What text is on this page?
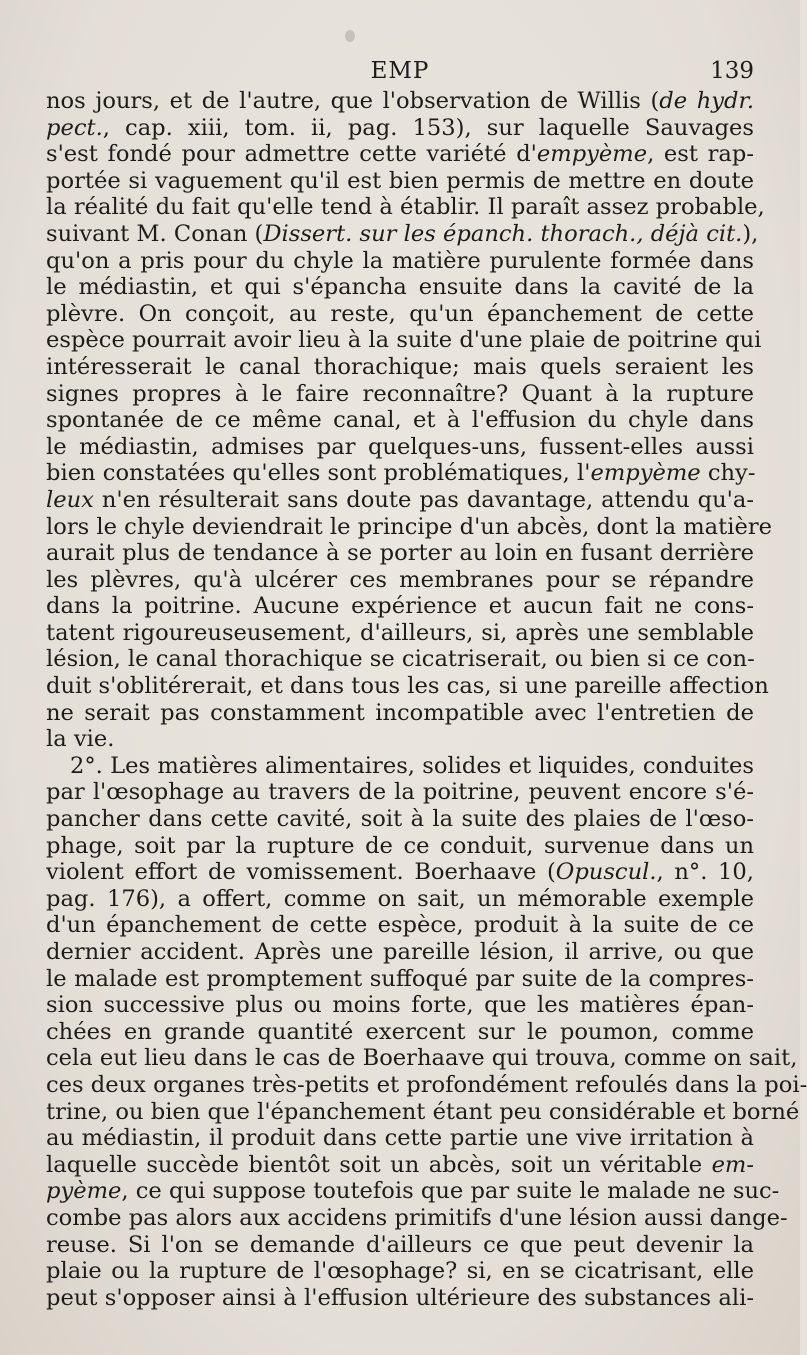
EMP	139
nos jours, et de l'autre, que l'observation de Willis (de hydr.
pect., cap. xiii, tom. ii, pag. 153), sur laquelle Sauvages
s'est fondé pour admettre cette variété d'empyème, est rap-
portée si vaguement qu'il est bien permis de mettre en doute
la réalité du fait qu'elle tend à établir. Il paraît assez probable,
suivant M. Conan (Dissert. sur les épanch. thorach., déjà cit.),
qu'on a pris pour du chyle la matière purulente formée dans
le médiastin, et qui s'épancha ensuite dans la cavité de la
plèvre. On conçoit, au reste, qu'un épanchement de cette
espèce pourrait avoir lieu à la suite d'une plaie de poitrine qui
intéresserait le canal thorachique; mais quels seraient les
signes propres à le faire reconnaître? Quant à la rupture
spontanée de ce même canal, et à l'effusion du chyle dans
le médiastin, admises par quelques-uns, fussent-elles aussi
bien constatées qu'elles sont problématiques, l'empyème chy-
leux n'en résulterait sans doute pas davantage, attendu qu'a-
lors le chyle deviendrait le principe d'un abcès, dont la matière
aurait plus de tendance à se porter au loin en fusant derrière
les plèvres, qu'à ulcérer ces membranes pour se répandre
dans la poitrine. Aucune expérience et aucun fait ne cons-
tatent rigoureuseusement, d'ailleurs, si, après une semblable
lésion, le canal thorachique se cicatriserait, ou bien si ce con-
duit s'oblitérerait, et dans tous les cas, si une pareille affection
ne serait pas constamment incompatible avec l'entretien de
la vie.
2°. Les matières alimentaires, solides et liquides, conduites
par l'œsophage au travers de la poitrine, peuvent encore s'é-
pancher dans cette cavité, soit à la suite des plaies de l'œso-
phage, soit par la rupture de ce conduit, survenue dans un
violent effort de vomissement. Boerhaave (Opuscul., n°. 10,
pag. 176), a offert, comme on sait, un mémorable exemple
d'un épanchement de cette espèce, produit à la suite de ce
dernier accident. Après une pareille lésion, il arrive, ou que
le malade est promptement suffoqué par suite de la compres-
sion successive plus ou moins forte, que les matières épan-
chées en grande quantité exercent sur le poumon, comme
cela eut lieu dans le cas de Boerhaave qui trouva, comme on sait,
ces deux organes très-petits et profondément refoulés dans la poi-
trine, ou bien que l'épanchement étant peu considérable et borné
au médiastin, il produit dans cette partie une vive irritation à
laquelle succède bientôt soit un abcès, soit un véritable em-
pyème, ce qui suppose toutefois que par suite le malade ne suc-
combe pas alors aux accidens primitifs d'une lésion aussi dange-
reuse. Si l'on se demande d'ailleurs ce que peut devenir la
plaie ou la rupture de l'œsophage? si, en se cicatrisant, elle
peut s'opposer ainsi à l'effusion ultérieure des substances ali-
